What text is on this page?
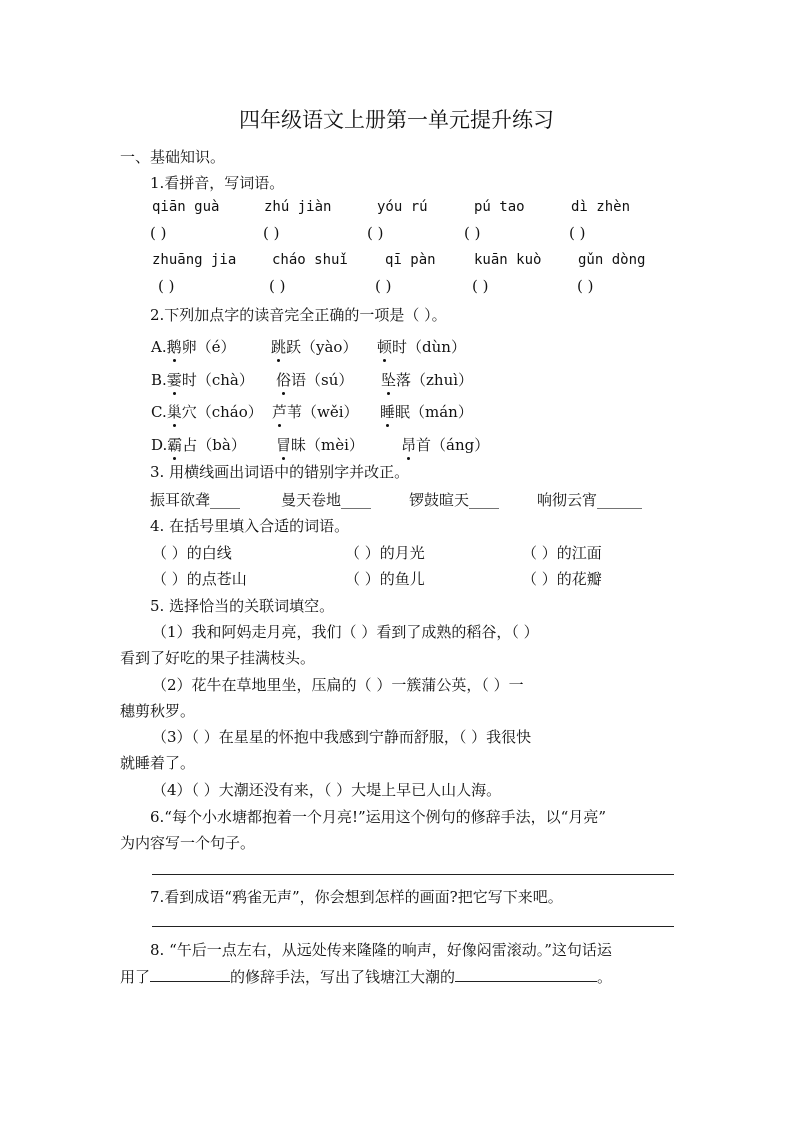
四年级语文上册第一单元提升练习
一、基础知识。
1.看拼音，写词语。
qiān guà	zhú jiàn	yóu rú	pú tao	dì zhèn
( )	( )	( )	( )	( )
zhuāng jia	cháo shuǐ	qī pàn	kuān kuò	gǔn dòng
( )	( )	( )	( )	( )
2.下列加点字的读音完全正确的一项是（ ）。
A.鹅卵（é） 跳跃（yào） 顿时（dùn）
B.霎时（chà） 俗语（sú） 坠落（zhuì）
C.巢穴（cháo） 芦苇（wěi） 睡眠（mán）
D.霸占（bà） 冒昧（mèi） 昂首（áng）
3. 用横线画出词语中的错别字并改正。
振耳欲聋____	曼天卷地____	锣鼓暄天____	响彻云宵______
4. 在括号里填入合适的词语。
（ ）的白线	（ ）的月光	（ ）的江面
（ ）的点苍山	（ ）的鱼儿	（ ）的花瓣
5. 选择恰当的关联词填空。
（1）我和阿妈走月亮，我们（ ）看到了成熟的稻谷，（ ）
看到了好吃的果子挂满枝头。
（2）花牛在草地里坐，压扁的（ ）一簇蒲公英，（ ）一
穗剪秋罗。
（3）（ ）在星星的怀抱中我感到宁静而舒服，（ ）我很快
就睡着了。
（4）（ ）大潮还没有来，（ ）大堤上早已人山人海。
6.“每个小水塘都抱着一个月亮!”运用这个例句的修辞手法，以“月亮”
为内容写一个句子。
7.看到成语“鸦雀无声”，你会想到怎样的画面?把它写下来吧。
8. “午后一点左右，从远处传来隆隆的响声，好像闷雷滚动。”这句话运
用了	的修辞手法，写出了钱塘江大潮的	。
